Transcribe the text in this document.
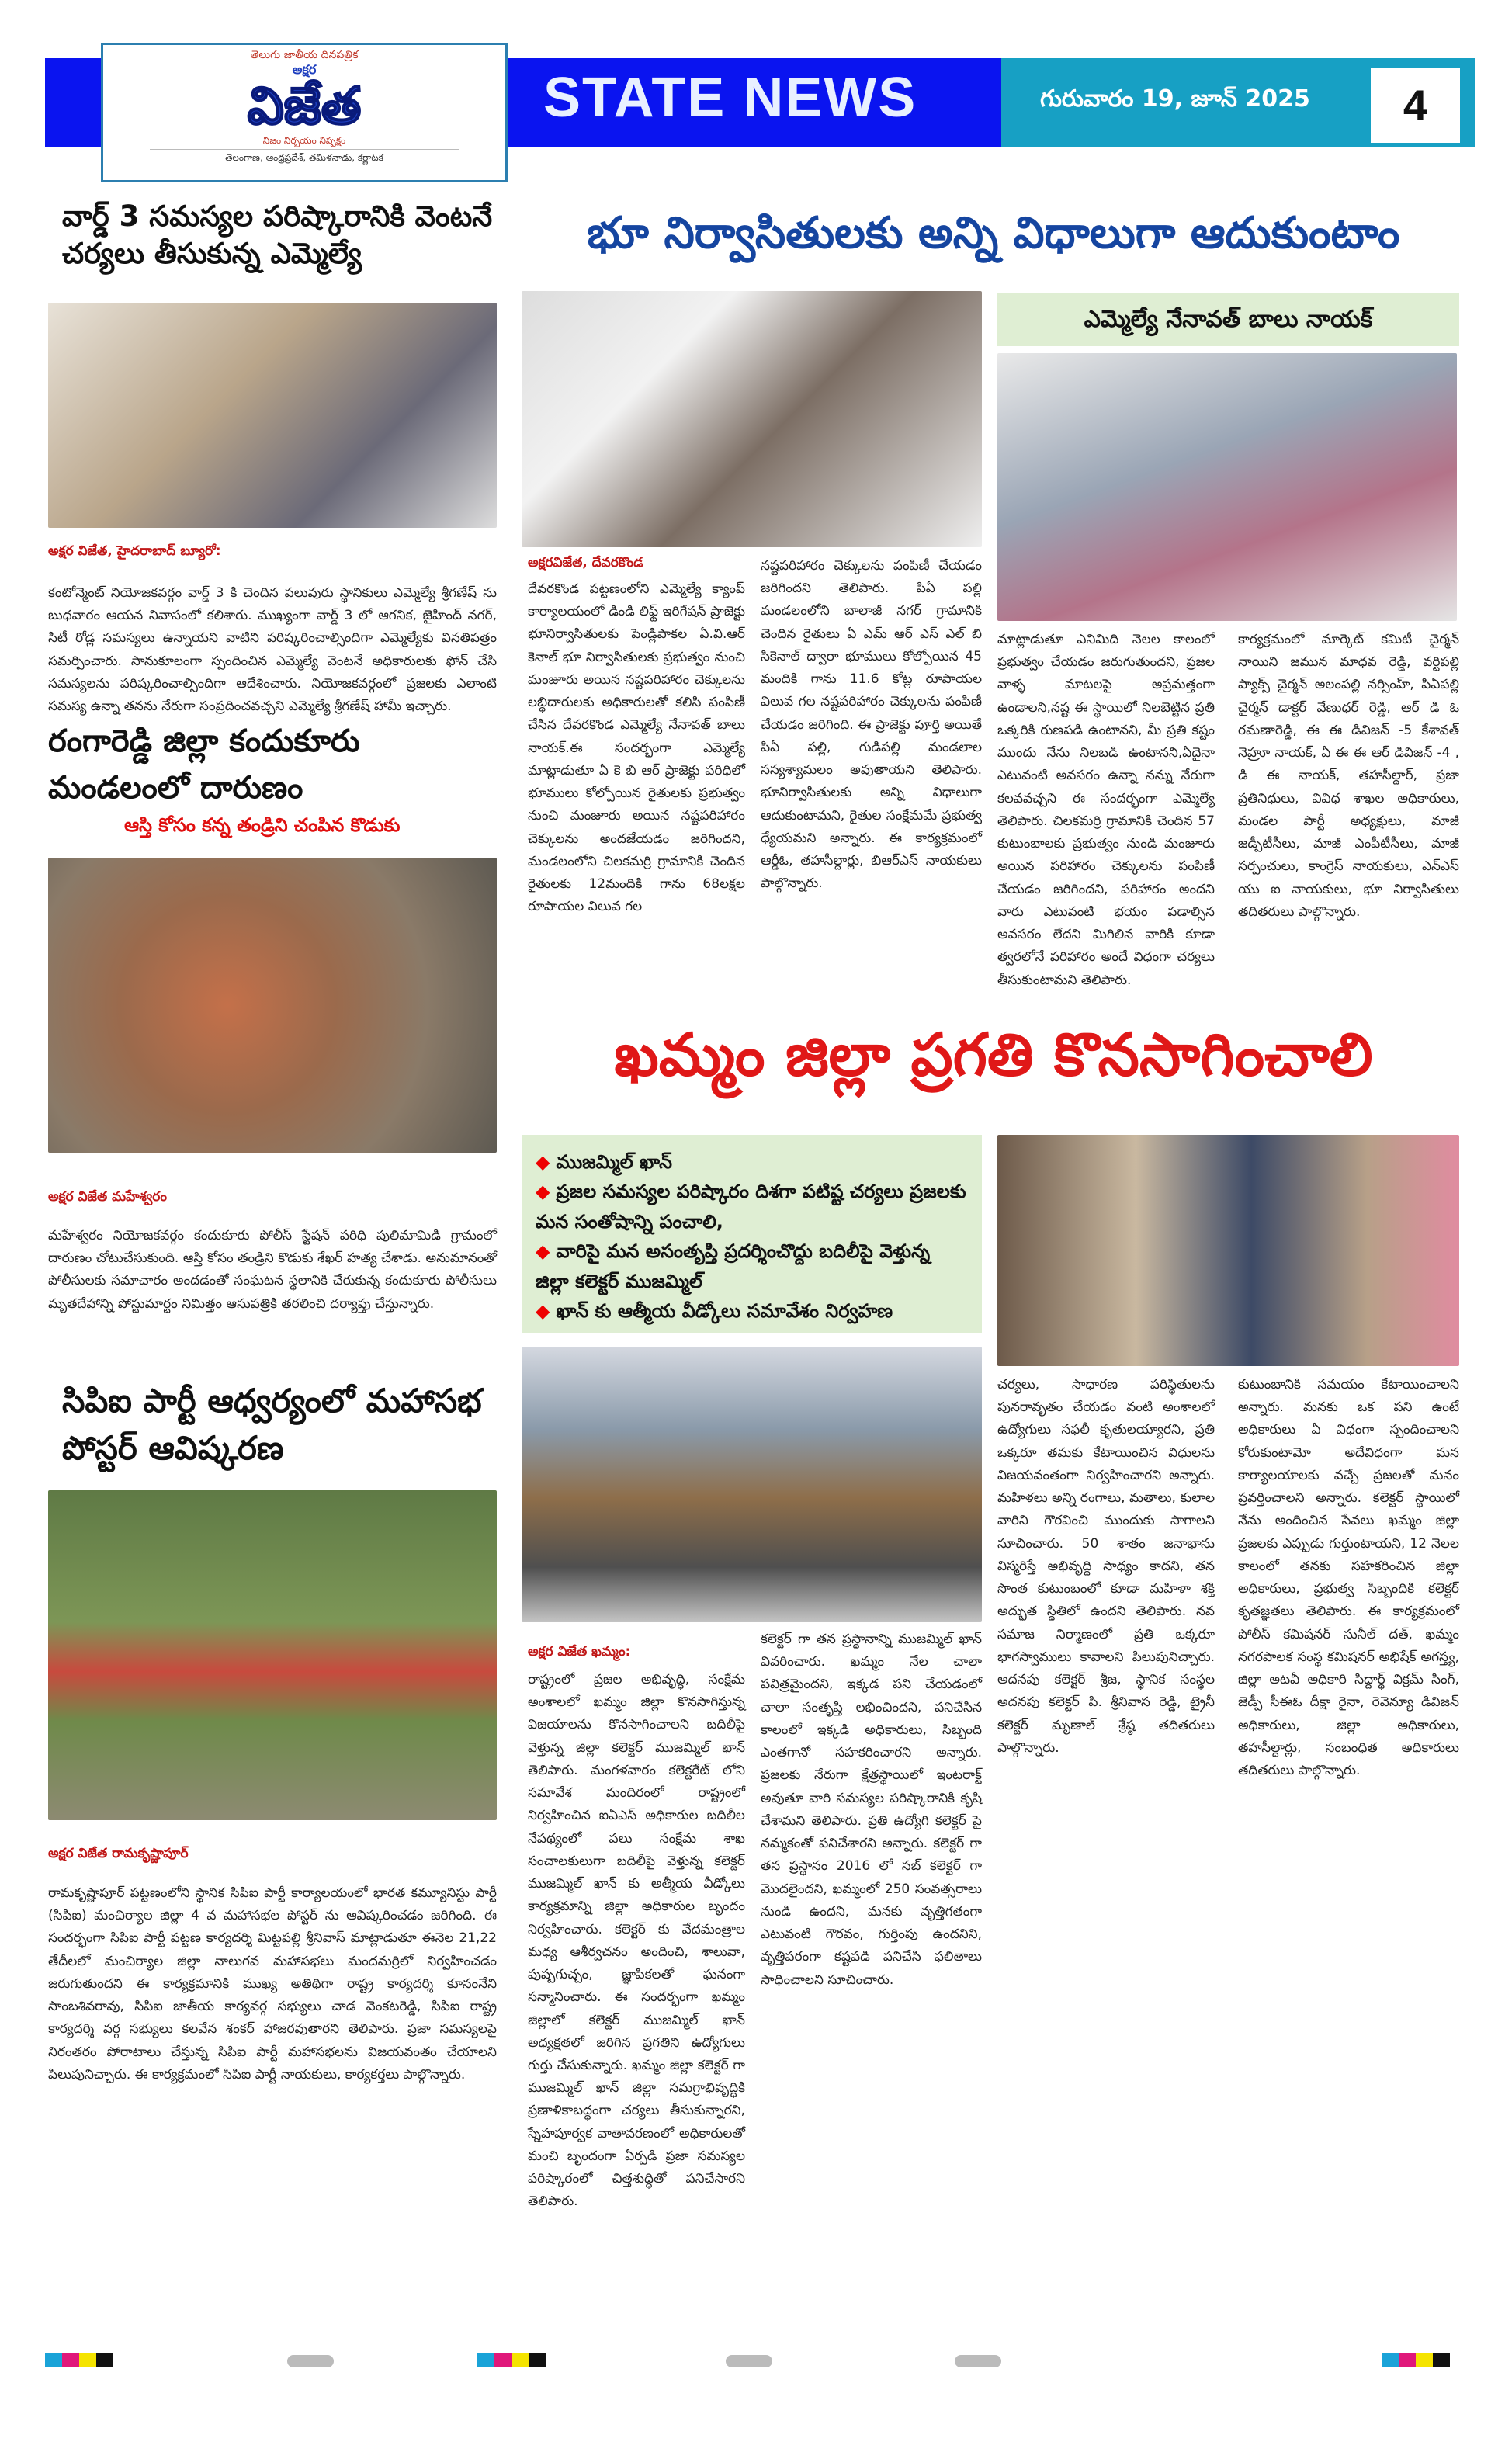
తెలుగు జాతీయ దినపత్రిక
అక్షర
విజేత
నిజం నిర్భయం నిష్పక్షం
తెలంగాణ, ఆంధ్రప్రదేశ్, తమిళనాడు, కర్ణాటక
STATE NEWS	గురువారం 19, జూన్ 2025	4
వార్డ్ 3 సమస్యల పరిష్కారానికి వెంటనే చర్యలు తీసుకున్న ఎమ్మెల్యే
అక్షర విజేత, హైదరాబాద్ బ్యూరో:
కంటోన్మెంట్ నియోజకవర్గం వార్డ్ 3 కి చెందిన పలువురు స్థానికులు ఎమ్మెల్యే శ్రీగణేష్ ను బుధవారం ఆయన నివాసంలో కలిశారు. ముఖ్యంగా వార్డ్ 3 లో ఆగనిక, జైహింద్ నగర్, సిటీ రోడ్ల సమస్యలు ఉన్నాయని వాటిని పరిష్కరించాల్సిందిగా ఎమ్మెల్యేకు వినతిపత్రం సమర్పించారు. సానుకూలంగా స్పందించిన ఎమ్మెల్యే వెంటనే అధికారులకు ఫోన్ చేసి సమస్యలను పరిష్కరించాల్సిందిగా ఆదేశించారు. నియోజకవర్గంలో ప్రజలకు ఎలాంటి సమస్య ఉన్నా తనను నేరుగా సంప్రదించవచ్చని ఎమ్మెల్యే శ్రీగణేష్ హామీ ఇచ్చారు.
రంగారెడ్డి జిల్లా కందుకూరు మండలంలో దారుణం
ఆస్తి కోసం కన్న తండ్రిని చంపిన కొడుకు
అక్షర విజేత మహేశ్వరం
మహేశ్వరం నియోజకవర్గం కందుకూరు పోలీస్ స్టేషన్ పరిధి పులిమామిడి గ్రామంలో దారుణం చోటుచేసుకుంది. ఆస్తి కోసం తండ్రిని కొడుకు శేఖర్ హత్య చేశాడు. అనుమానంతో పోలీసులకు సమాచారం అందడంతో సంఘటన స్థలానికి చేరుకున్న కందుకూరు పోలీసులు మృతదేహాన్ని పోస్టుమార్టం నిమిత్తం ఆసుపత్రికి తరలించి దర్యాప్తు చేస్తున్నారు.
సిపిఐ పార్టీ ఆధ్వర్యంలో మహాసభ పోస్టర్ ఆవిష్కరణ
అక్షర విజేత రామకృష్ణాపూర్
రామకృష్ణాపూర్ పట్టణంలోని స్థానిక సిపిఐ పార్టీ కార్యాలయంలో భారత కమ్యూనిస్టు పార్టీ (సిపిఐ) మంచిర్యాల జిల్లా 4 వ మహాసభల పోస్టర్ ను ఆవిష్కరించడం జరిగింది. ఈ సందర్భంగా సిపిఐ పార్టీ పట్టణ కార్యదర్శి మిట్టపల్లి శ్రీనివాస్ మాట్లాడుతూ ఈనెల 21,22 తేదీలలో మంచిర్యాల జిల్లా నాలుగవ మహాసభలు మందమర్రిలో నిర్వహించడం జరుగుతుందని ఈ కార్యక్రమానికి ముఖ్య అతిథిగా రాష్ట్ర కార్యదర్శి కూనంనేని సాంబశివరావు, సిపిఐ జాతీయ కార్యవర్గ సభ్యులు చాడ వెంకటరెడ్డి, సిపిఐ రాష్ట్ర కార్యదర్శి వర్గ సభ్యులు కలవేన శంకర్ హాజరవుతారని తెలిపారు. ప్రజా సమస్యలపై నిరంతరం పోరాటాలు చేస్తున్న సిపిఐ పార్టీ మహాసభలను విజయవంతం చేయాలని పిలుపునిచ్చారు. ఈ కార్యక్రమంలో సిపిఐ పార్టీ నాయకులు, కార్యకర్తలు పాల్గొన్నారు.
భూ నిర్వాసితులకు అన్ని విధాలుగా ఆదుకుంటాం
ఎమ్మెల్యే నేనావత్ బాలు నాయక్
అక్షరవిజేత, దేవరకొండ
దేవరకొండ పట్టణంలోని ఎమ్మెల్యే క్యాంప్ కార్యాలయంలో డిండి లిఫ్ట్ ఇరిగేషన్ ప్రాజెక్టు భూనిర్వాసితులకు పెండ్లిపాకల ఏ.వి.ఆర్ కెనాల్ భూ నిర్వాసితులకు ప్రభుత్వం నుంచి మంజూరు అయిన నష్టపరిహారం చెక్కులను లబ్ధిదారులకు అధికారులతో కలిసి పంపిణీ చేసిన దేవరకొండ ఎమ్మెల్యే నేనావత్ బాలు నాయక్.ఈ సందర్భంగా ఎమ్మెల్యే మాట్లాడుతూ ఏ కె బి ఆర్ ప్రాజెక్టు పరిధిలో భూములు కోల్పోయిన రైతులకు ప్రభుత్వం నుంచి మంజూరు అయిన నష్టపరిహారం చెక్కులను అందజేయడం జరిగిందని, మండలంలోని చిలకమర్రి గ్రామానికి చెందిన రైతులకు 12మందికి గాను 68లక్షల రూపాయల విలువ గల
నష్టపరిహారం చెక్కులను పంపిణీ చేయడం జరిగిందని తెలిపారు. పిఏ పల్లి మండలంలోని బాలాజీ నగర్ గ్రామానికి చెందిన రైతులు ఏ ఎమ్ ఆర్ ఎస్ ఎల్ బి సికెనాల్ ద్వారా భూములు కోల్పోయిన 45 మందికి గాను 11.6 కోట్ల రూపాయల విలువ గల నష్టపరిహారం చెక్కులను పంపిణీ చేయడం జరిగింది. ఈ ప్రాజెక్టు పూర్తి అయితే పిఏ పల్లి, గుడిపల్లి మండలాల సస్యశ్యామలం అవుతాయని తెలిపారు. భూనిర్వాసితులకు అన్ని విధాలుగా ఆదుకుంటామని, రైతుల సంక్షేమమే ప్రభుత్వ ధ్యేయమని అన్నారు. ఈ కార్యక్రమంలో ఆర్డీఓ, తహసీల్దార్లు, బిఆర్ఎస్ నాయకులు పాల్గొన్నారు.
మాట్లాడుతూ ఎనిమిది నెలల కాలంలో ప్రభుత్వం చేయడం జరుగుతుందని, ప్రజల వాళ్ళ మాటలపై అప్రమత్తంగా ఉండాలని,నష్ట ఈ స్థాయిలో నిలబెట్టిన ప్రతి ఒక్కరికి రుణపడి ఉంటానని, మీ ప్రతి కష్టం ముందు నేను నిలబడి ఉంటానని,ఏదైనా ఎటువంటి అవసరం ఉన్నా నన్ను నేరుగా కలవవచ్చని ఈ సందర్భంగా ఎమ్మెల్యే తెలిపారు. చిలకమర్రి గ్రామానికి చెందిన 57 కుటుంబాలకు ప్రభుత్వం నుండి మంజూరు అయిన పరిహారం చెక్కులను పంపిణీ చేయడం జరిగిందని, పరిహారం అందని వారు ఎటువంటి భయం పడాల్సిన అవసరం లేదని మిగిలిన వారికి కూడా త్వరలోనే పరిహారం అందే విధంగా చర్యలు తీసుకుంటామని తెలిపారు.
కార్యక్రమంలో మార్కెట్ కమిటీ చైర్మన్ నాయిని జమున మాధవ రెడ్డి, వర్టిపల్లి ప్యాక్స్ చైర్మన్ అలంపల్లి నర్సింహ్, పిఏపల్లి చైర్మన్ డాక్టర్ వేణుధర్ రెడ్డి, ఆర్ డి ఓ రమణారెడ్డి, ఈ ఈ డివిజన్ -5 కేశావత్ నెహ్రూ నాయక్, ఏ ఈ ఈ ఆర్ డివిజన్ -4 , డి ఈ నాయక్, తహసీల్దార్, ప్రజా ప్రతినిధులు, వివిధ శాఖల అధికారులు, మండల పార్టీ అధ్యక్షులు, మాజీ జడ్పీటీసీలు, మాజీ ఎంపీటీసీలు, మాజీ సర్పంచులు, కాంగ్రెస్ నాయకులు, ఎన్ఎస్ యు ఐ నాయకులు, భూ నిర్వాసితులు తదితరులు పాల్గొన్నారు.
ఖమ్మం జిల్లా ప్రగతి కొనసాగించాలి
◆ ముజమ్మిల్ ఖాన్
◆ ప్రజల సమస్యల పరిష్కారం దిశగా పటిష్ట చర్యలు ప్రజలకు మన సంతోషాన్ని పంచాలి,
◆ వారిపై మన అసంతృప్తి ప్రదర్శించొద్దు బదిలీపై వెళ్తున్న జిల్లా కలెక్టర్ ముజమ్మిల్
◆ ఖాన్ కు ఆత్మీయ వీడ్కోలు సమావేశం నిర్వహణ
అక్షర విజేత ఖమ్మం:
రాష్ట్రంలో ప్రజల అభివృద్ధి, సంక్షేమ అంశాలలో ఖమ్మం జిల్లా కొనసాగిస్తున్న విజయాలను కొనసాగించాలని బదిలీపై వెళ్తున్న జిల్లా కలెక్టర్ ముజమ్మిల్ ఖాన్ తెలిపారు. మంగళవారం కలెక్టరేట్ లోని సమావేశ మందిరంలో రాష్ట్రంలో నిర్వహించిన ఐఏఎస్ అధికారుల బదిలీల నేపథ్యంలో పలు సంక్షేమ శాఖ సంచాలకులుగా బదిలీపై వెళ్తున్న కలెక్టర్ ముజమ్మిల్ ఖాన్ కు అత్మీయ వీడ్కోలు కార్యక్రమాన్ని జిల్లా అధికారుల బృందం నిర్వహించారు. కలెక్టర్ కు వేదమంత్రాల మధ్య ఆశీర్వచనం అందించి, శాలువా, పుష్పగుచ్చం, జ్ఞాపికలతో ఘనంగా సన్మానించారు. ఈ సందర్భంగా ఖమ్మం జిల్లాలో కలెక్టర్ ముజమ్మిల్ ఖాన్ అధ్యక్షతలో జరిగిన ప్రగతిని ఉద్యోగులు గుర్తు చేసుకున్నారు. ఖమ్మం జిల్లా కలెక్టర్ గా ముజమ్మిల్ ఖాన్ జిల్లా సమగ్రాభివృద్ధికి ప్రణాళికాబద్ధంగా చర్యలు తీసుకున్నారని, స్నేహపూర్వక వాతావరణంలో అధికారులతో మంచి బృందంగా ఏర్పడి ప్రజా సమస్యల పరిష్కారంలో చిత్తశుద్ధితో పనిచేసారని తెలిపారు.
కలెక్టర్ గా తన ప్రస్థానాన్ని ముజమ్మిల్ ఖాన్ వివరించారు. ఖమ్మం నేల చాలా పవిత్రమైందని, ఇక్కడ పని చేయడంలో చాలా సంతృప్తి లభించిందని, పనిచేసిన కాలంలో ఇక్కడి అధికారులు, సిబ్బంది ఎంతగానో సహకరించారని అన్నారు. ప్రజలకు నేరుగా క్షేత్రస్థాయిలో ఇంటరాక్ట్ అవుతూ వారి సమస్యల పరిష్కారానికి కృషి చేశామని తెలిపారు. ప్రతి ఉద్యోగి కలెక్టర్ పై నమ్మకంతో పనిచేశారని అన్నారు. కలెక్టర్ గా తన ప్రస్థానం 2016 లో సబ్ కలెక్టర్ గా మొదలైందని, ఖమ్మంలో 250 సంవత్సరాలు నుండి ఉందని, మనకు వృత్తిగతంగా ఎటువంటి గౌరవం, గుర్తింపు ఉందనిని, వృత్తిపరంగా కష్టపడి పనిచేసి ఫలితాలు సాధించాలని సూచించారు.
చర్యలు, సాధారణ పరిస్థితులను పునరావృతం చేయడం వంటి అంశాలలో ఉద్యోగులు సఫలీ కృతులయ్యారని, ప్రతి ఒక్కరూ తమకు కేటాయించిన విధులను విజయవంతంగా నిర్వహించారని అన్నారు. మహిళలు అన్ని రంగాలు, మతాలు, కులాల వారిని గౌరవించి ముందుకు సాగాలని సూచించారు. 50 శాతం జనాభాను విస్మరిస్తే అభివృద్ధి సాధ్యం కాదని, తన సొంత కుటుంబంలో కూడా మహిళా శక్తి అద్భుత స్థితిలో ఉందని తెలిపారు. నవ సమాజ నిర్మాణంలో ప్రతి ఒక్కరూ భాగస్వాములు కావాలని పిలుపునిచ్చారు. అదనపు కలెక్టర్ శ్రీజ, స్థానిక సంస్థల అదనపు కలెక్టర్ పి. శ్రీనివాస రెడ్డి, ట్రైనీ కలెక్టర్ మృణాల్ శ్రేష్ఠ తదితరులు పాల్గొన్నారు.
కుటుంబానికి సమయం కేటాయించాలని అన్నారు. మనకు ఒక పని ఉంటే అధికారులు ఏ విధంగా స్పందించాలని కోరుకుంటామో అదేవిధంగా మన కార్యాలయాలకు వచ్చే ప్రజలతో మనం ప్రవర్తించాలని అన్నారు. కలెక్టర్ స్థాయిలో నేను అందించిన సేవలు ఖమ్మం జిల్లా ప్రజలకు ఎప్పుడు గుర్తుంటాయని, 12 నెలల కాలంలో తనకు సహకరించిన జిల్లా అధికారులు, ప్రభుత్వ సిబ్బందికి కలెక్టర్ కృతజ్ఞతలు తెలిపారు. ఈ కార్యక్రమంలో పోలీస్ కమిషనర్ సునీల్ దత్, ఖమ్మం నగరపాలక సంస్థ కమిషనర్ అభిషేక్ అగస్త్య, జిల్లా అటవీ అధికారి సిద్దార్థ్ విక్రమ్ సింగ్, జెడ్పీ సీఈఓ దీక్షా రైనా, రెవెన్యూ డివిజన్ అధికారులు, జిల్లా అధికారులు, తహసీల్దార్లు, సంబంధిత అధికారులు తదితరులు పాల్గొన్నారు.
